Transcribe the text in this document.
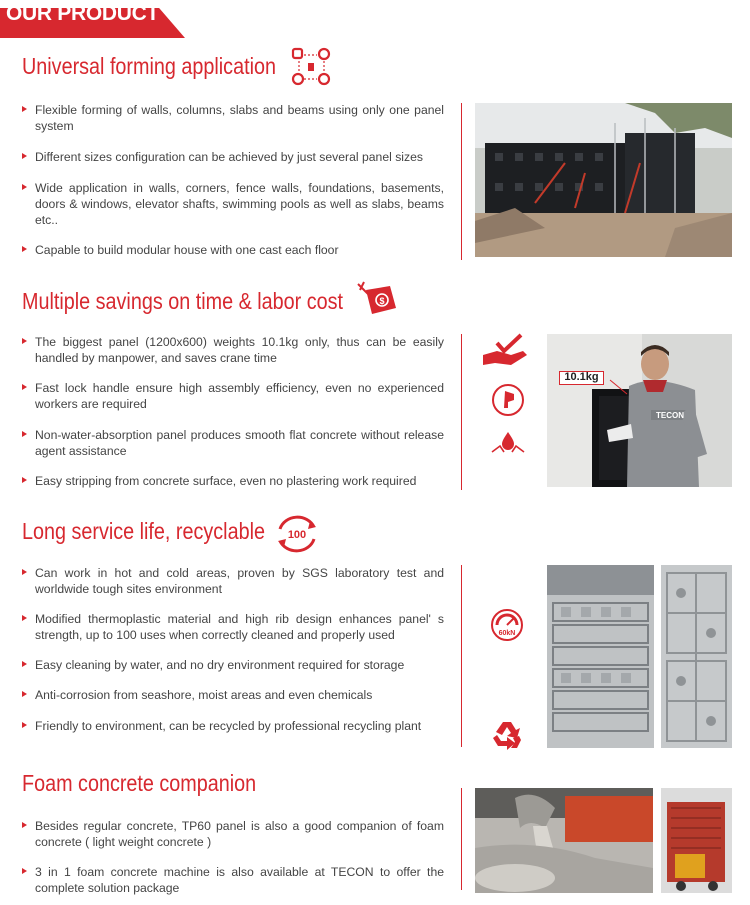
OUR PRODUCT
Universal forming application
Flexible forming of walls, columns, slabs and beams using only one panel system
Different sizes configuration can be achieved by just several panel sizes
Wide application in walls, corners, fence walls, foundations, basements, doors & windows, elevator shafts, swimming pools as well as slabs, beams etc..
Capable to build modular house with one cast each floor
Multiple savings on time & labor cost	$
The biggest panel (1200x600) weights 10.1kg only, thus can be easily handled by manpower, and saves crane time
Fast lock handle ensure high assembly efficiency, even no experienced workers are required
Non-water-absorption panel produces smooth flat concrete without release agent assistance
Easy stripping from concrete surface, even no plastering work required
TECON
10.1kg
Long service life, recyclable 100
Can work in hot and cold areas, proven by SGS laboratory test and worldwide tough sites environment
Modified thermoplastic material and high rib design enhances panel' s strength, up to 100 uses when correctly cleaned and properly used
Easy cleaning by water, and no dry environment required for storage
Anti-corrosion from seashore, moist areas and even chemicals
Friendly to environment, can be recycled by professional recycling plant
60kN
Foam concrete companion
Besides regular concrete, TP60 panel is also a good companion of foam concrete ( light weight concrete )
3 in 1 foam concrete machine is also available at TECON to offer the complete solution package
